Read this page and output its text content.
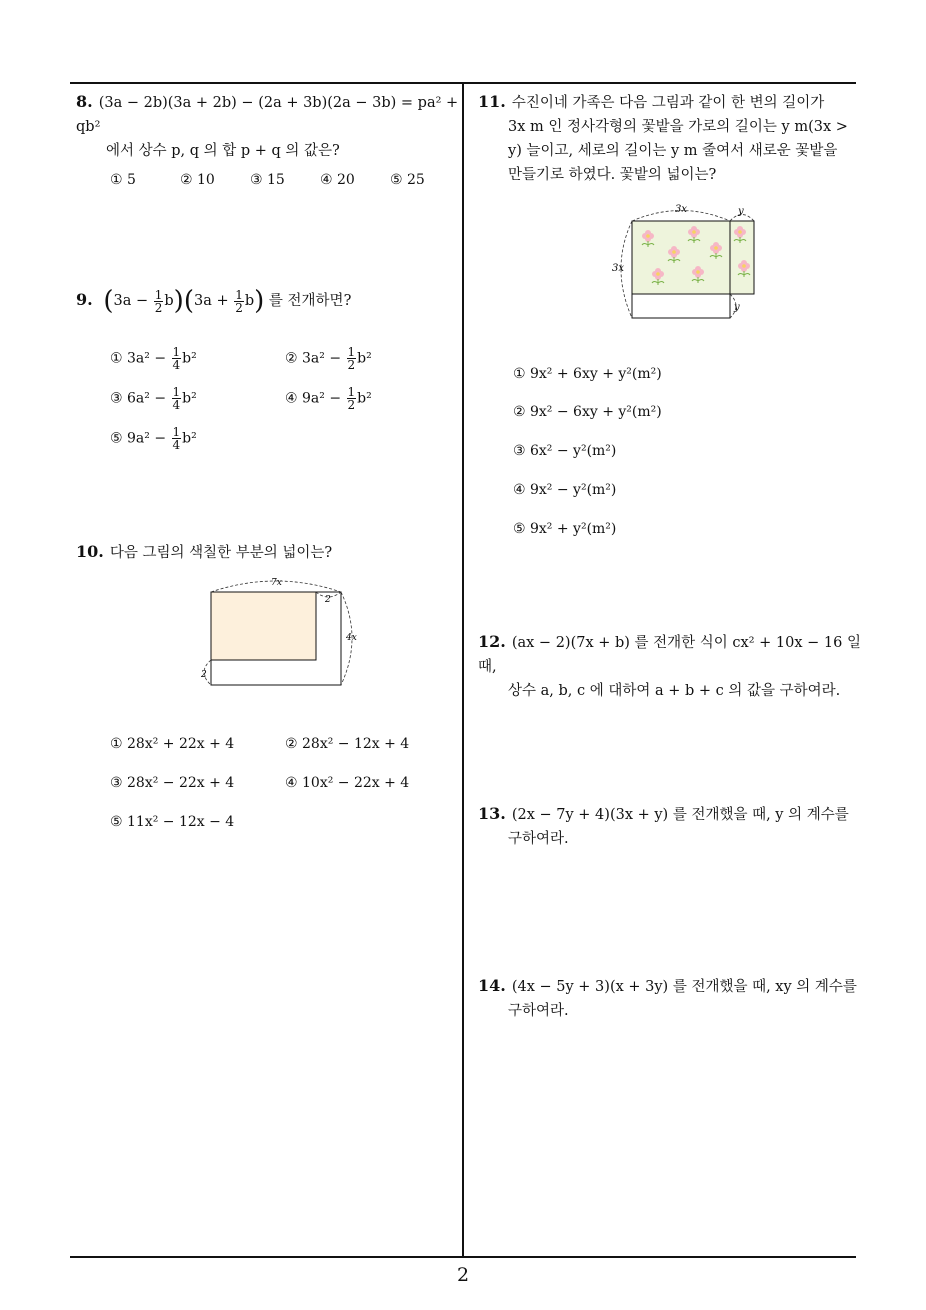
8. (3a − 2b)(3a + 2b) − (2a + 3b)(2a − 3b) = pa² + qb²
에서 상수 p, q 의 합 p + q 의 값은?
① 5	② 10	③ 15	④ 20	⑤ 25
9. $(3a - \frac{1}{2} b)(3a + \frac{1}{2} b)$ 를 전개하면?
① $3a^2 - \frac{1}{4} b^2$	② $3a^2 - \frac{1}{2} b^2$
③ $6a^2 - \frac{1}{4} b^2$	④ $9a^2 - \frac{1}{2} b^2$
⑤ $9a^2 - \frac{1}{4} b^2$
10. 다음 그림의 색칠한 부분의 넓이는?
7x
2
4x
2
① 28x² + 22x + 4	② 28x² − 12x + 4
③ 28x² − 22x + 4	④ 10x² − 22x + 4
⑤ 11x² − 12x − 4
11. 수진이네 가족은 다음 그림과 같이 한 변의 길이가
3x m 인 정사각형의 꽃밭을 가로의 길이는 y m(3x >
y) 늘이고, 세로의 길이는 y m 줄여서 새로운 꽃밭을
만들기로 하였다. 꽃밭의 넓이는?
3x	y
3x
y
① 9x² + 6xy + y²(m²)
② 9x² − 6xy + y²(m²)
③ 6x² − y²(m²)
④ 9x² − y²(m²)
⑤ 9x² + y²(m²)
12. (ax − 2)(7x + b) 를 전개한 식이 cx² + 10x − 16 일 때,
상수 a, b, c 에 대하여 a + b + c 의 값을 구하여라.
13. (2x − 7y + 4)(3x + y) 를 전개했을 때, y 의 계수를
구하여라.
14. (4x − 5y + 3)(x + 3y) 를 전개했을 때, xy 의 계수를
구하여라.
2
